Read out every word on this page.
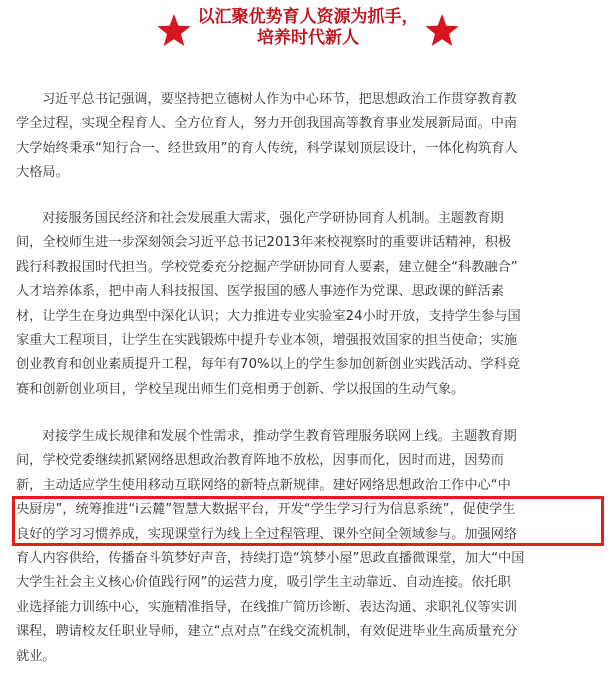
以汇聚优势育人资源为抓手，
培养时代新人
习近平总书记强调，要坚持把立德树人作为中心环节，把思想政治工作贯穿教育教
学全过程，实现全程育人、全方位育人，努力开创我国高等教育事业发展新局面。中南
大学始终秉承“知行合一、经世致用”的育人传统，科学谋划顶层设计，一体化构筑育人
大格局。
对接服务国民经济和社会发展重大需求，强化产学研协同育人机制。主题教育期
间，全校师生进一步深刻领会习近平总书记2013年来校视察时的重要讲话精神，积极
践行科教报国时代担当。学校党委充分挖掘产学研协同育人要素，建立健全“科教融合”
人才培养体系，把中南人科技报国、医学报国的感人事迹作为党课、思政课的鲜活素
材，让学生在身边典型中深化认识；大力推进专业实验室24小时开放，支持学生参与国
家重大工程项目，让学生在实践锻炼中提升专业本领，增强报效国家的担当使命；实施
创业教育和创业素质提升工程，每年有70%以上的学生参加创新创业实践活动、学科竞
赛和创新创业项目，学校呈现出师生们竞相勇于创新、学以报国的生动气象。
对接学生成长规律和发展个性需求，推动学生教育管理服务联网上线。主题教育期
间，学校党委继续抓紧网络思想政治教育阵地不放松，因事而化，因时而进，因势而
新，主动适应学生使用移动互联网络的新特点新规律。建好网络思想政治工作中心“中
央厨房”，统筹推进“i云麓”智慧大数据平台，开发“学生学习行为信息系统”，促使学生
良好的学习习惯养成，实现课堂行为线上全过程管理、课外空间全领域参与。加强网络
育人内容供给，传播奋斗筑梦好声音，持续打造“筑梦小屋”思政直播微课堂，加大“中国
大学生社会主义核心价值践行网”的运营力度，吸引学生主动靠近、自动连接。依托职
业选择能力训练中心，实施精准指导，在线推广简历诊断、表达沟通、求职礼仪等实训
课程，聘请校友任职业导师，建立“点对点”在线交流机制，有效促进毕业生高质量充分
就业。
